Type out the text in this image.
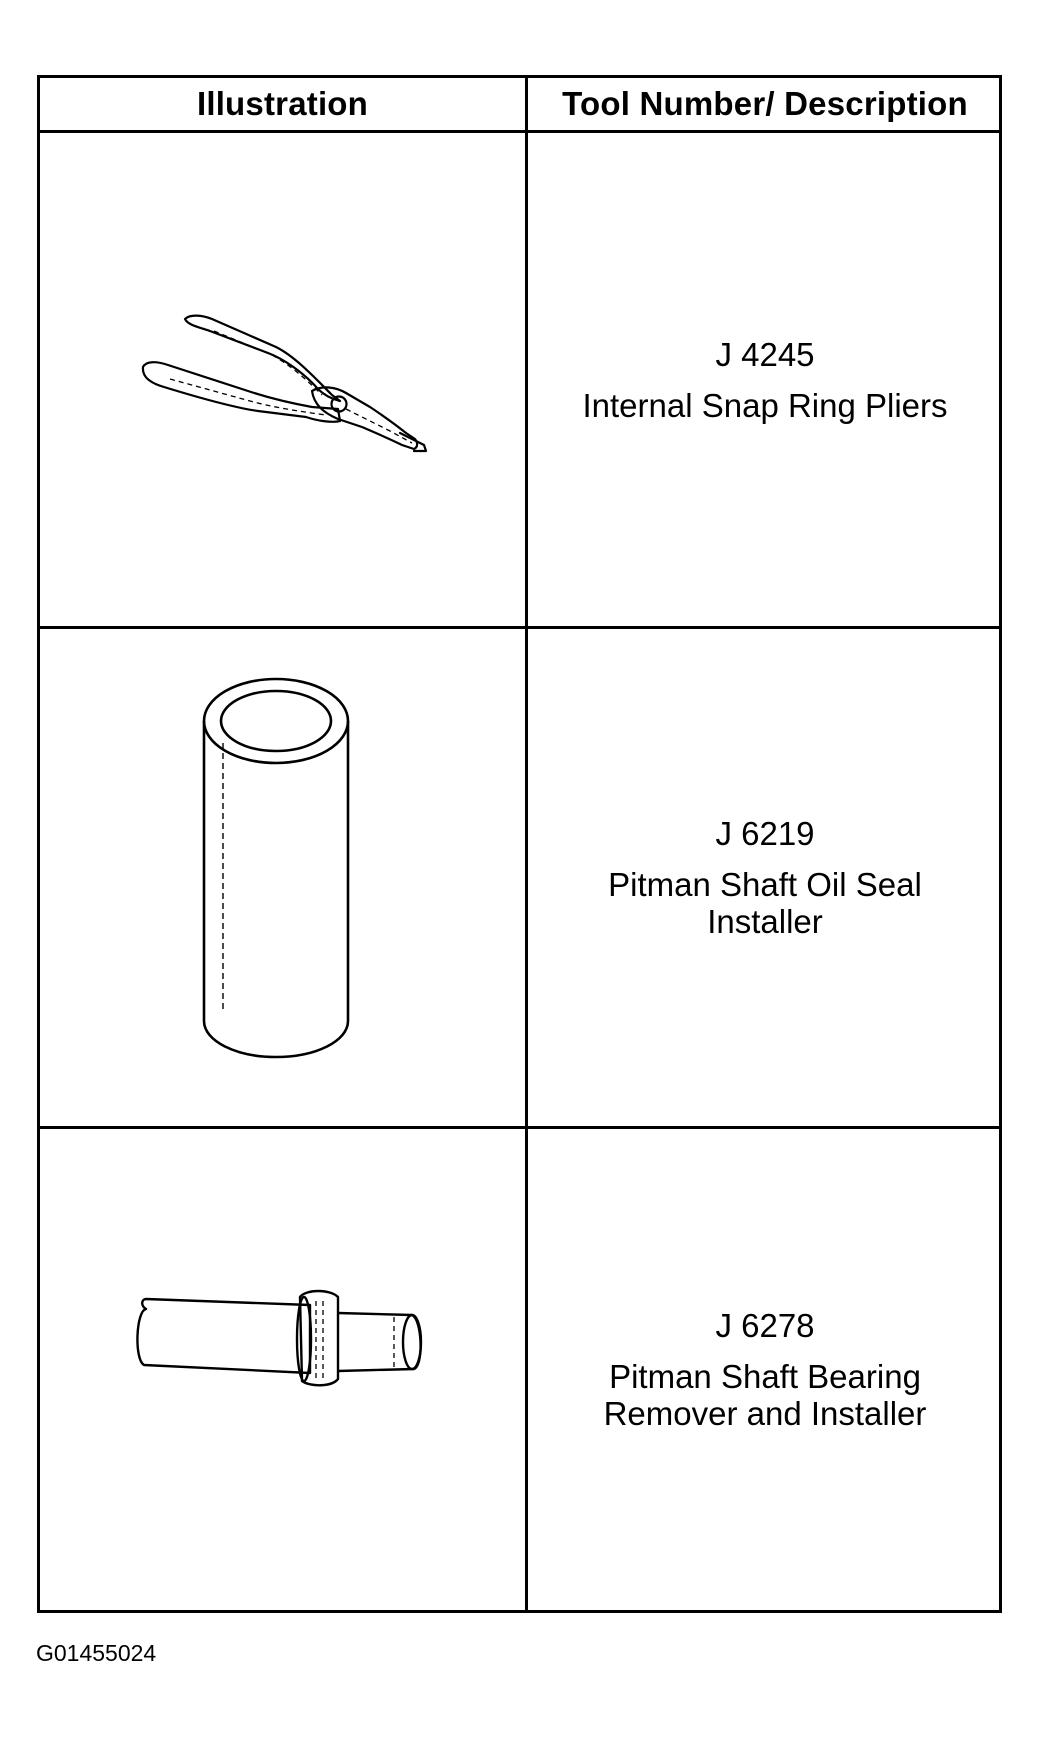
Illustration	Tool Number/ Description
J 4245
Internal Snap Ring Pliers
J 6219
Pitman Shaft Oil Seal
Installer
J 6278
Pitman Shaft Bearing
Remover and Installer
G01455024
